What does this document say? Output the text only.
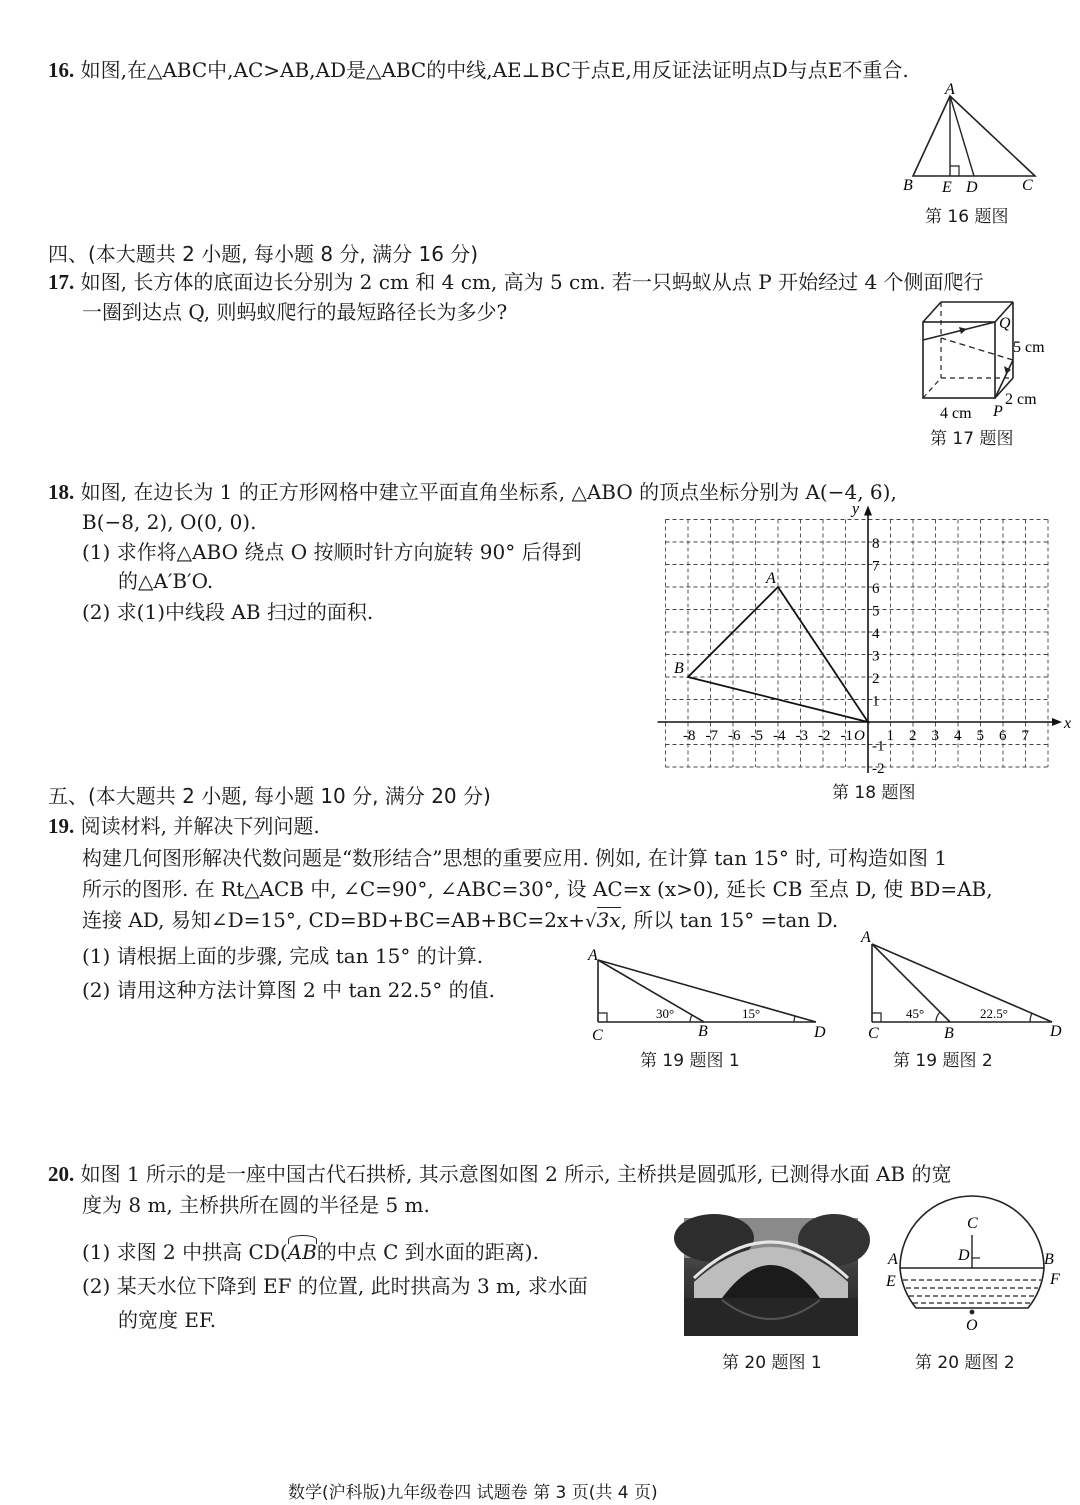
16. 如图,在△ABC中,AC>AB,AD是△ABC的中线,AE⊥BC于点E,用反证法证明点D与点E不重合.
A
B E D	C
第 16 题图
四、(本大题共 2 小题, 每小题 8 分, 满分 16 分)
17. 如图, 长方体的底面边长分别为 2 cm 和 4 cm, 高为 5 cm. 若一只蚂蚁从点 P 开始经过 4 个侧面爬行
一圈到达点 Q, 则蚂蚁爬行的最短路径长为多少?	Q
5 cm
2 cm
P
4 cm
第 17 题图
18. 如图, 在边长为 1 的正方形网格中建立平面直角坐标系, △ABO 的顶点坐标分别为 A(−4, 6),
B(−8, 2), O(0, 0).
(1) 求作将△ABO 绕点 O 按顺时针方向旋转 90° 后得到
的△A′B′O.
(2) 求(1)中线段 AB 扫过的面积.
x
y
-8 -7 -6 -5 -4 -3 -2 -1 1 2 3 4 5 6 7
8
7
6
5
4
3
2
1
-1
-2
O
A
B
第 18 题图
五、(本大题共 2 小题, 每小题 10 分, 满分 20 分)
19. 阅读材料, 并解决下列问题.
构建几何图形解决代数问题是“数形结合”思想的重要应用. 例如, 在计算 tan 15° 时, 可构造如图 1
所示的图形. 在 Rt△ACB 中, ∠C=90°, ∠ABC=30°, 设 AC=x (x>0), 延长 CB 至点 D, 使 BD=AB,
连接 AD, 易知∠D=15°, CD=BD+BC=AB+BC=2x+√3x, 所以 tan 15° =tan D.
(1) 请根据上面的步骤, 完成 tan 15° 的计算.
(2) 请用这种方法计算图 2 中 tan 22.5° 的值.
A
C	B	D
30°	15°
第 19 题图 1
A
C	B	D
45°	22.5°
第 19 题图 2
20. 如图 1 所示的是一座中国古代石拱桥, 其示意图如图 2 所示, 主桥拱是圆弧形, 已测得水面 AB 的宽
度为 8 m, 主桥拱所在圆的半径是 5 m.
(1) 求图 2 中拱高 CD(
AB的中点 C 到水面的距离).
(2) 某天水位下降到 EF 的位置, 此时拱高为 3 m, 求水面
的宽度 EF.
第 20 题图 1
C
A	D	B
E	F
O
第 20 题图 2
数学(沪科版)九年级卷四 试题卷 第 3 页(共 4 页)
